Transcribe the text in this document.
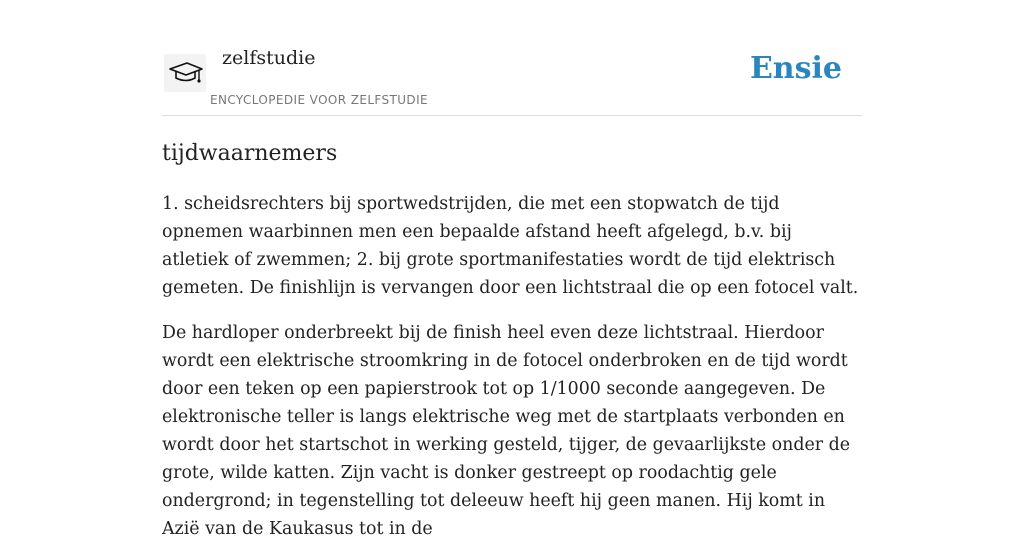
zelfstudie
ENCYCLOPEDIE VOOR ZELFSTUDIE
Ensie
tijdwaarnemers

1. scheidsrechters bij sportwedstrijden, die met een stopwatch de tijd opnemen waarbinnen men een bepaalde afstand heeft afgelegd, b.v. bij atletiek of zwemmen; 2. bij grote sportmanifestaties wordt de tijd elektrisch gemeten. De finishlijn is vervangen door een lichtstraal die op een fotocel valt.

De hardloper onderbreekt bij de finish heel even deze lichtstraal. Hierdoor wordt een elektrische stroomkring in de fotocel onderbroken en de tijd wordt door een teken op een papierstrook tot op 1/1000 seconde aangegeven. De elektronische teller is langs elektrische weg met de startplaats verbonden en wordt door het startschot in werking gesteld, tijger, de gevaarlijkste onder de grote, wilde katten. Zijn vacht is donker gestreept op roodachtig gele ondergrond; in tegenstelling tot deleeuw heeft hij geen manen. Hij komt in Azië van de Kaukasus tot in de
